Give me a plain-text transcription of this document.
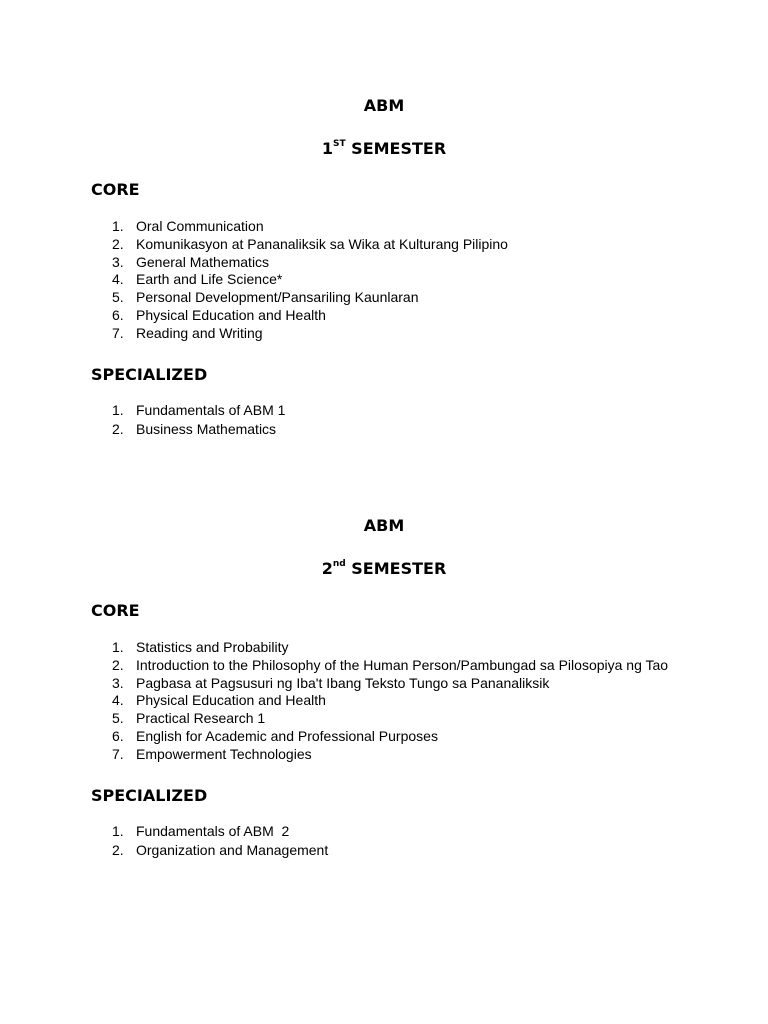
ABM
1ST SEMESTER
CORE
1. Oral Communication
2. Komunikasyon at Pananaliksik sa Wika at Kulturang Pilipino
3. General Mathematics
4. Earth and Life Science*
5. Personal Development/Pansariling Kaunlaran
6. Physical Education and Health
7. Reading and Writing
SPECIALIZED
1. Fundamentals of ABM 1
2. Business Mathematics
ABM
2nd SEMESTER
CORE
1. Statistics and Probability
2. Introduction to the Philosophy of the Human Person/Pambungad sa Pilosopiya ng Tao
3. Pagbasa at Pagsusuri ng Iba't Ibang Teksto Tungo sa Pananaliksik
4. Physical Education and Health
5. Practical Research 1
6. English for Academic and Professional Purposes
7. Empowerment Technologies
SPECIALIZED
1. Fundamentals of ABM  2
2. Organization and Management
